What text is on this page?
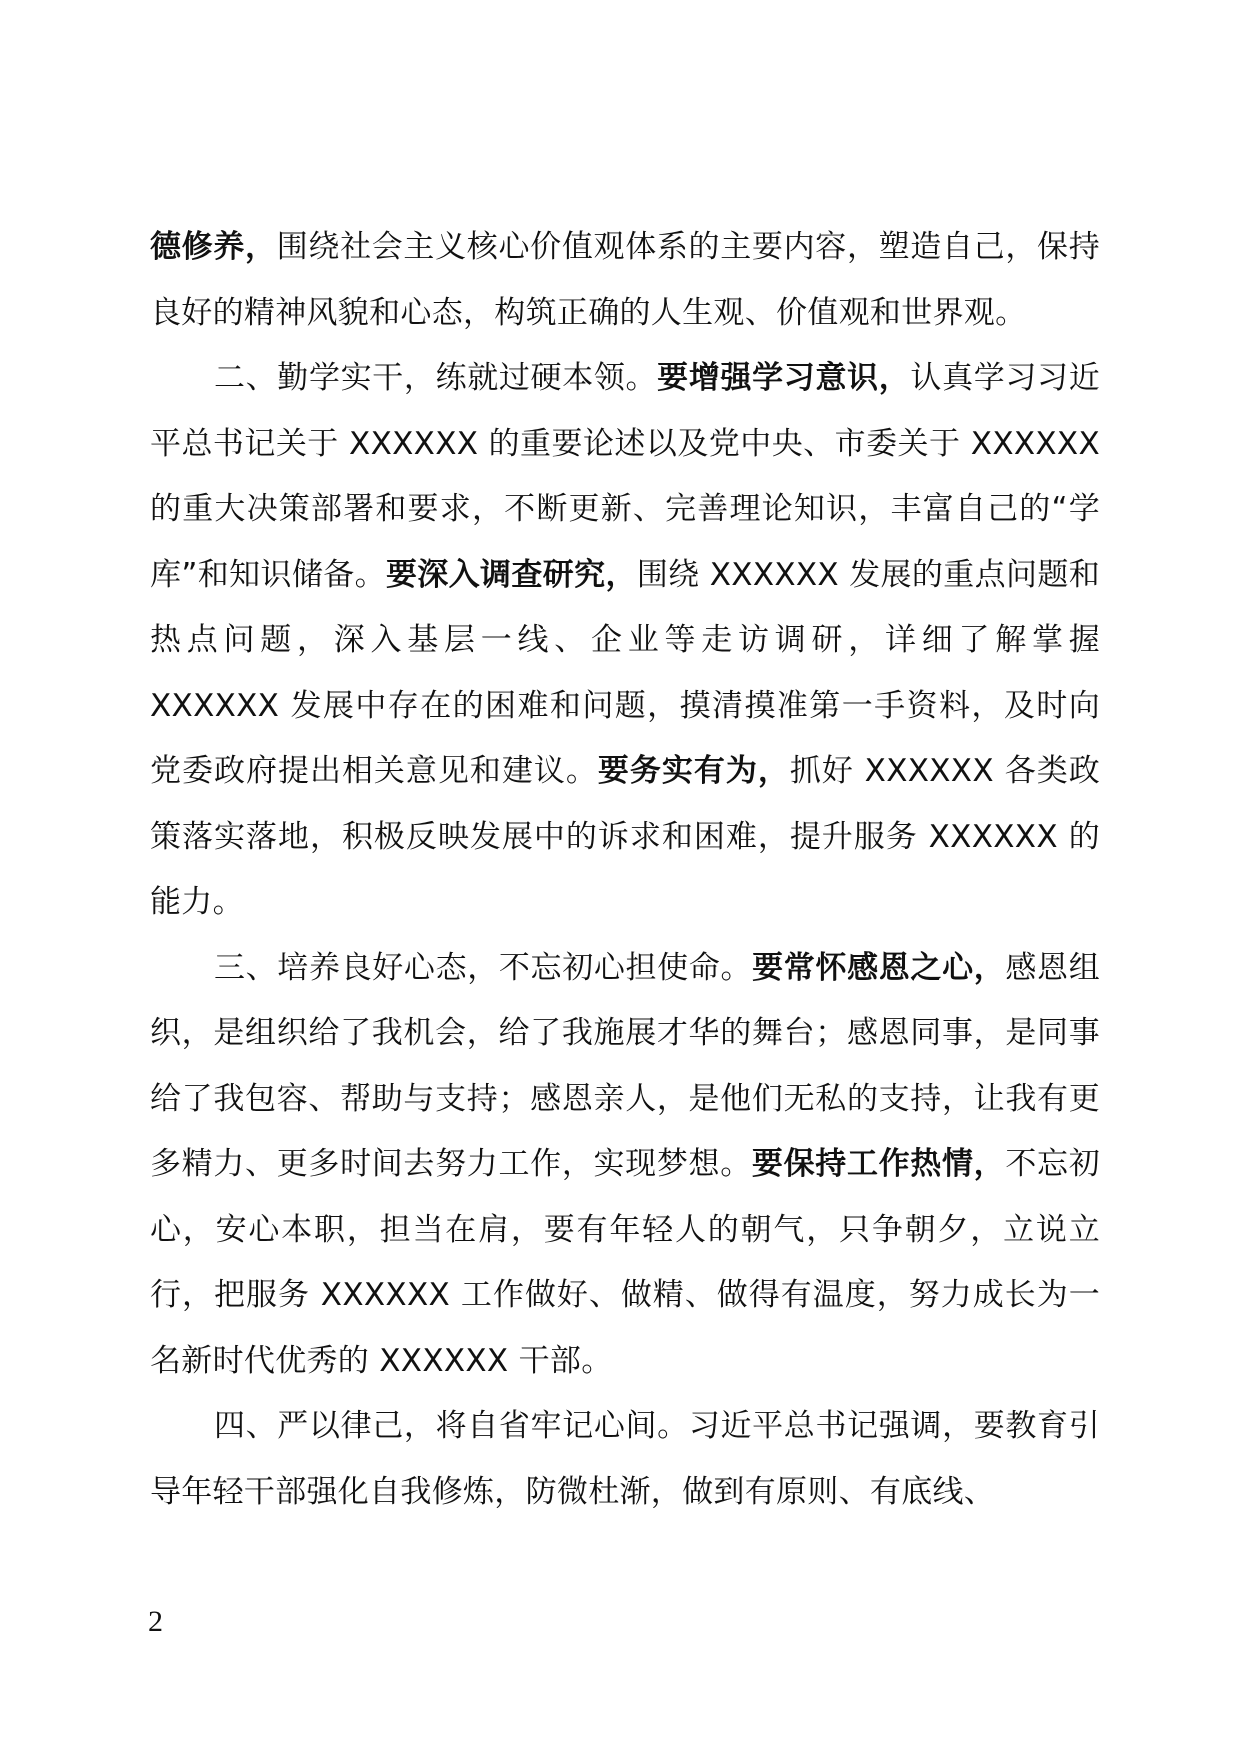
德修养，围绕社会主义核心价值观体系的主要内容，塑造自己，保持良好的精神风貌和心态，构筑正确的人生观、价值观和世界观。

二、勤学实干，练就过硬本领。要增强学习意识，认真学习习近平总书记关于 XXXXXX 的重要论述以及党中央、市委关于 XXXXXX 的重大决策部署和要求，不断更新、完善理论知识，丰富自己的“学库”和知识储备。要深入调查研究，围绕 XXXXXX 发展的重点问题和热点问题，深入基层一线、企业等走访调研，详细了解掌握 XXXXXX 发展中存在的困难和问题，摸清摸准第一手资料，及时向党委政府提出相关意见和建议。要务实有为，抓好 XXXXXX 各类政策落实落地，积极反映发展中的诉求和困难，提升服务 XXXXXX 的能力。

三、培养良好心态，不忘初心担使命。要常怀感恩之心，感恩组织，是组织给了我机会，给了我施展才华的舞台；感恩同事，是同事给了我包容、帮助与支持；感恩亲人，是他们无私的支持，让我有更多精力、更多时间去努力工作，实现梦想。要保持工作热情，不忘初心，安心本职，担当在肩，要有年轻人的朝气，只争朝夕，立说立行，把服务 XXXXXX 工作做好、做精、做得有温度，努力成长为一名新时代优秀的 XXXXXX 干部。

四、严以律己，将自省牢记心间。习近平总书记强调，要教育引导年轻干部强化自我修炼，防微杜渐，做到有原则、有底线、

2
